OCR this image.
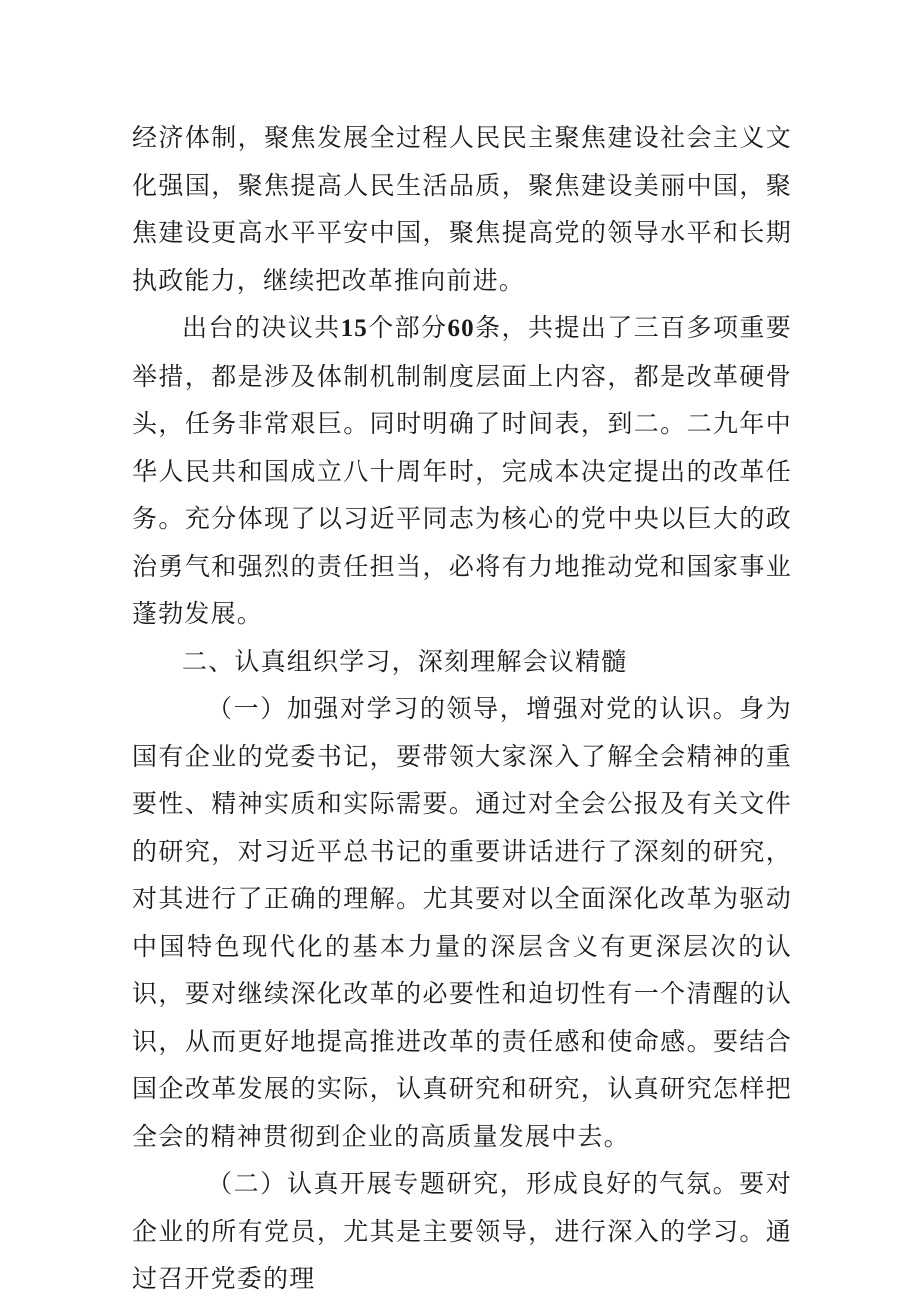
经济体制，聚焦发展全过程人民民主聚焦建设社会主义文化强国，聚焦提高人民生活品质，聚焦建设美丽中国，聚焦建设更高水平平安中国，聚焦提高党的领导水平和长期执政能力，继续把改革推向前进。

出台的决议共15个部分60条，共提出了三百多项重要举措，都是涉及体制机制制度层面上内容，都是改革硬骨头，任务非常艰巨。同时明确了时间表，到二。二九年中华人民共和国成立八十周年时，完成本决定提出的改革任务。充分体现了以习近平同志为核心的党中央以巨大的政治勇气和强烈的责任担当，必将有力地推动党和国家事业蓬勃发展。

二、认真组织学习，深刻理解会议精髓

（一）加强对学习的领导，增强对党的认识。身为国有企业的党委书记，要带领大家深入了解全会精神的重要性、精神实质和实际需要。通过对全会公报及有关文件的研究，对习近平总书记的重要讲话进行了深刻的研究，对其进行了正确的理解。尤其要对以全面深化改革为驱动中国特色现代化的基本力量的深层含义有更深层次的认识，要对继续深化改革的必要性和迫切性有一个清醒的认识，从而更好地提高推进改革的责任感和使命感。要结合国企改革发展的实际，认真研究和研究，认真研究怎样把全会的精神贯彻到企业的高质量发展中去。

（二）认真开展专题研究，形成良好的气氛。要对企业的所有党员，尤其是主要领导，进行深入的学习。通过召开党委的理
